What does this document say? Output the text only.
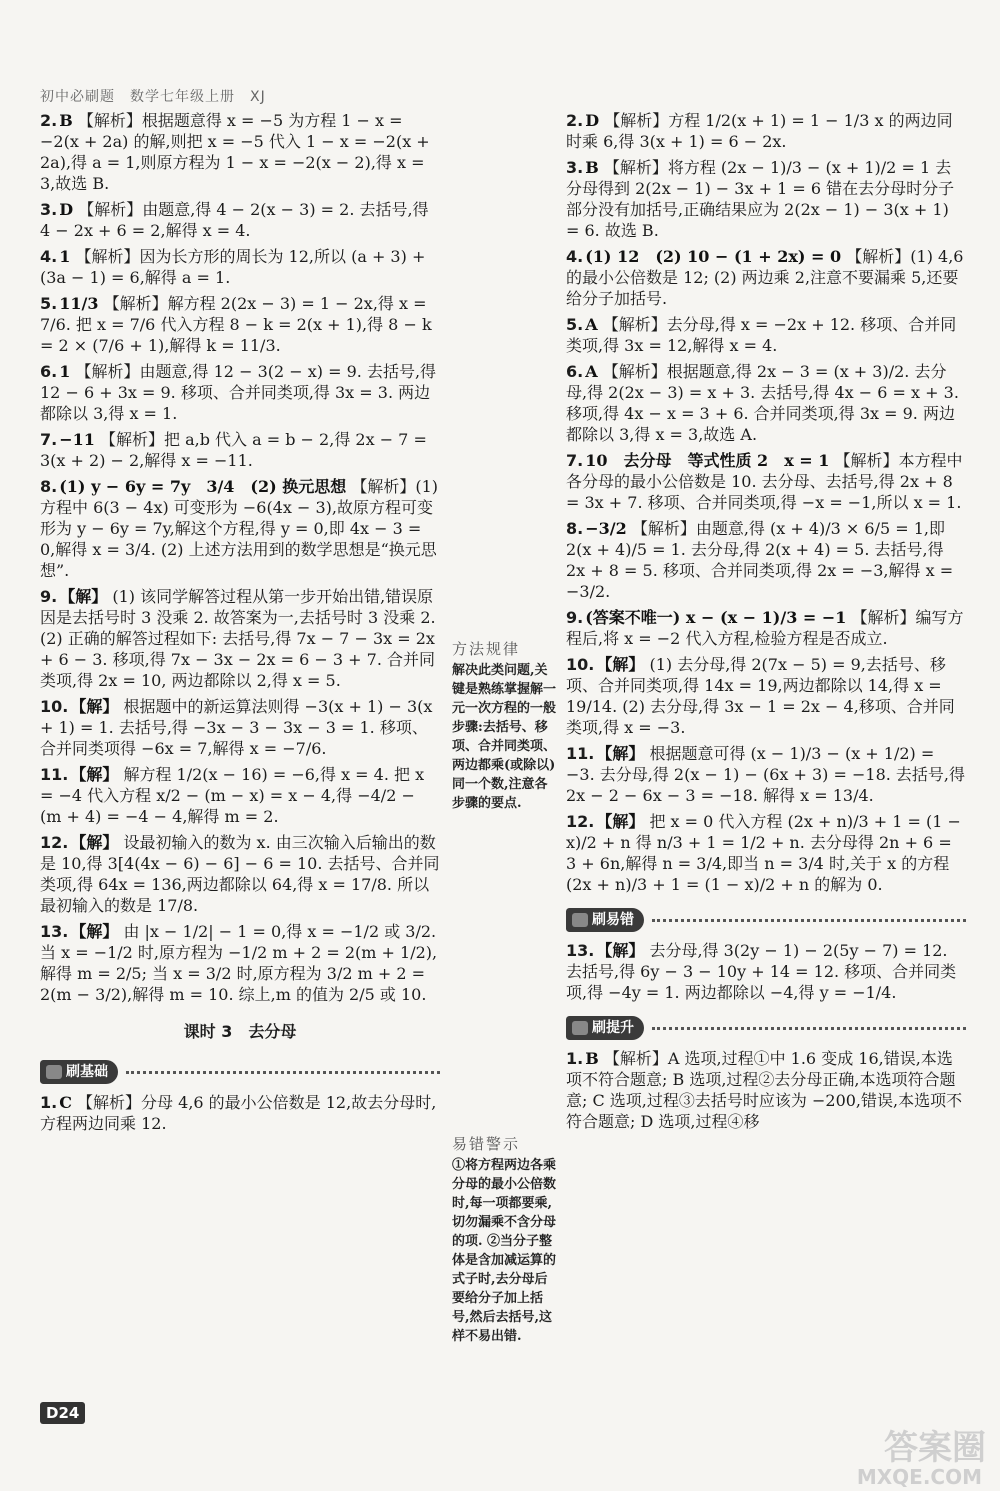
初中必刷题　数学七年级上册　XJ

2. B 【解析】根据题意得 x = −5 为方程 1 − x = −2(x + 2a) 的解,则把 x = −5 代入 1 − x = −2(x + 2a),得 a = 1,则原方程为 1 − x = −2(x − 2),得 x = 3,故选 B.

3. D 【解析】由题意,得 4 − 2(x − 3) = 2. 去括号,得 4 − 2x + 6 = 2,解得 x = 4.

4. 1 【解析】因为长方形的周长为 12,所以 (a + 3) + (3a − 1) = 6,解得 a = 1.

5. 11/3 【解析】解方程 2(2x − 3) = 1 − 2x,得 x = 7/6. 把 x = 7/6 代入方程 8 − k = 2(x + 1),得 8 − k = 2 × (7/6 + 1),解得 k = 11/3.

6. 1 【解析】由题意,得 12 − 3(2 − x) = 9. 去括号,得 12 − 6 + 3x = 9. 移项、合并同类项,得 3x = 3. 两边都除以 3,得 x = 1.

7. −11 【解析】把 a,b 代入 a = b − 2,得 2x − 7 = 3(x + 2) − 2,解得 x = −11.

8. (1) y − 6y = 7y　3/4　(2) 换元思想 【解析】(1) 方程中 6(3 − 4x) 可变形为 −6(4x − 3),故原方程可变形为 y − 6y = 7y,解这个方程,得 y = 0,即 4x − 3 = 0,解得 x = 3/4. (2) 上述方法用到的数学思想是“换元思想”.

9. 【解】 (1) 该同学解答过程从第一步开始出错,错误原因是去括号时 3 没乘 2. 故答案为一,去括号时 3 没乘 2. (2) 正确的解答过程如下: 去括号,得 7x − 7 − 3x = 2x + 6 − 3. 移项,得 7x − 3x − 2x = 6 − 3 + 7. 合并同类项,得 2x = 10, 两边都除以 2,得 x = 5.

10. 【解】 根据题中的新运算法则得 −3(x + 1) − 3(x + 1) = 1. 去括号,得 −3x − 3 − 3x − 3 = 1. 移项、合并同类项得 −6x = 7,解得 x = −7/6.

11. 【解】 解方程 1/2(x − 16) = −6,得 x = 4. 把 x = −4 代入方程 x/2 − (m − x) = x − 4,得 −4/2 − (m + 4) = −4 − 4,解得 m = 2.

12. 【解】 设最初输入的数为 x. 由三次输入后输出的数是 10,得 3[4(4x − 6) − 6] − 6 = 10. 去括号、合并同类项,得 64x = 136,两边都除以 64,得 x = 17/8. 所以最初输入的数是 17/8.

13. 【解】 由 |x − 1/2| − 1 = 0,得 x = −1/2 或 3/2. 当 x = −1/2 时,原方程为 −1/2 m + 2 = 2(m + 1/2),解得 m = 2/5; 当 x = 3/2 时,原方程为 3/2 m + 2 = 2(m − 3/2),解得 m = 10. 综上,m 的值为 2/5 或 10.

课时 3　去分母
刷基础

1. C 【解析】分母 4,6 的最小公倍数是 12,故去分母时,方程两边同乘 12.

方法规律
解决此类问题,关键是熟练掌握解一元一次方程的一般步骤:去括号、移项、合并同类项、两边都乘(或除以)同一个数,注意各步骤的要点.
易错警示
①将方程两边各乘分母的最小公倍数时,每一项都要乘,切勿漏乘不含分母的项. ②当分子整体是含加减运算的式子时,去分母后要给分子加上括号,然后去括号,这样不易出错.

2. D 【解析】方程 1/2(x + 1) = 1 − 1/3 x 的两边同时乘 6,得 3(x + 1) = 6 − 2x.

3. B 【解析】将方程 (2x − 1)/3 − (x + 1)/2 = 1 去分母得到 2(2x − 1) − 3x + 1 = 6 错在去分母时分子部分没有加括号,正确结果应为 2(2x − 1) − 3(x + 1) = 6. 故选 B.

4. (1) 12　(2) 10 − (1 + 2x) = 0 【解析】(1) 4,6 的最小公倍数是 12; (2) 两边乘 2,注意不要漏乘 5,还要给分子加括号.

5. A 【解析】去分母,得 x = −2x + 12. 移项、合并同类项,得 3x = 12,解得 x = 4.

6. A 【解析】根据题意,得 2x − 3 = (x + 3)/2. 去分母,得 2(2x − 3) = x + 3. 去括号,得 4x − 6 = x + 3. 移项,得 4x − x = 3 + 6. 合并同类项,得 3x = 9. 两边都除以 3,得 x = 3,故选 A.

7. 10　去分母　等式性质 2　x = 1 【解析】本方程中各分母的最小公倍数是 10. 去分母、去括号,得 2x + 8 = 3x + 7. 移项、合并同类项,得 −x = −1,所以 x = 1.

8. −3/2 【解析】由题意,得 (x + 4)/3 × 6/5 = 1,即 2(x + 4)/5 = 1. 去分母,得 2(x + 4) = 5. 去括号,得 2x + 8 = 5. 移项、合并同类项,得 2x = −3,解得 x = −3/2.

9. (答案不唯一) x − (x − 1)/3 = −1 【解析】编写方程后,将 x = −2 代入方程,检验方程是否成立.

10. 【解】 (1) 去分母,得 2(7x − 5) = 9,去括号、移项、合并同类项,得 14x = 19,两边都除以 14,得 x = 19/14. (2) 去分母,得 3x − 1 = 2x − 4,移项、合并同类项,得 x = −3.

11. 【解】 根据题意可得 (x − 1)/3 − (x + 1/2) = −3. 去分母,得 2(x − 1) − (6x + 3) = −18. 去括号,得 2x − 2 − 6x − 3 = −18. 解得 x = 13/4.

12. 【解】 把 x = 0 代入方程 (2x + n)/3 + 1 = (1 − x)/2 + n 得 n/3 + 1 = 1/2 + n. 去分母得 2n + 6 = 3 + 6n,解得 n = 3/4,即当 n = 3/4 时,关于 x 的方程 (2x + n)/3 + 1 = (1 − x)/2 + n 的解为 0.

刷易错

13. 【解】 去分母,得 3(2y − 1) − 2(5y − 7) = 12. 去括号,得 6y − 3 − 10y + 14 = 12. 移项、合并同类项,得 −4y = 1. 两边都除以 −4,得 y = −1/4.

刷提升

1. B 【解析】A 选项,过程①中 1.6 变成 16,错误,本选项不符合题意; B 选项,过程②去分母正确,本选项符合题意; C 选项,过程③去括号时应该为 −200,错误,本选项不符合题意; D 选项,过程④移

D24
答案圈
MXQE.COM
